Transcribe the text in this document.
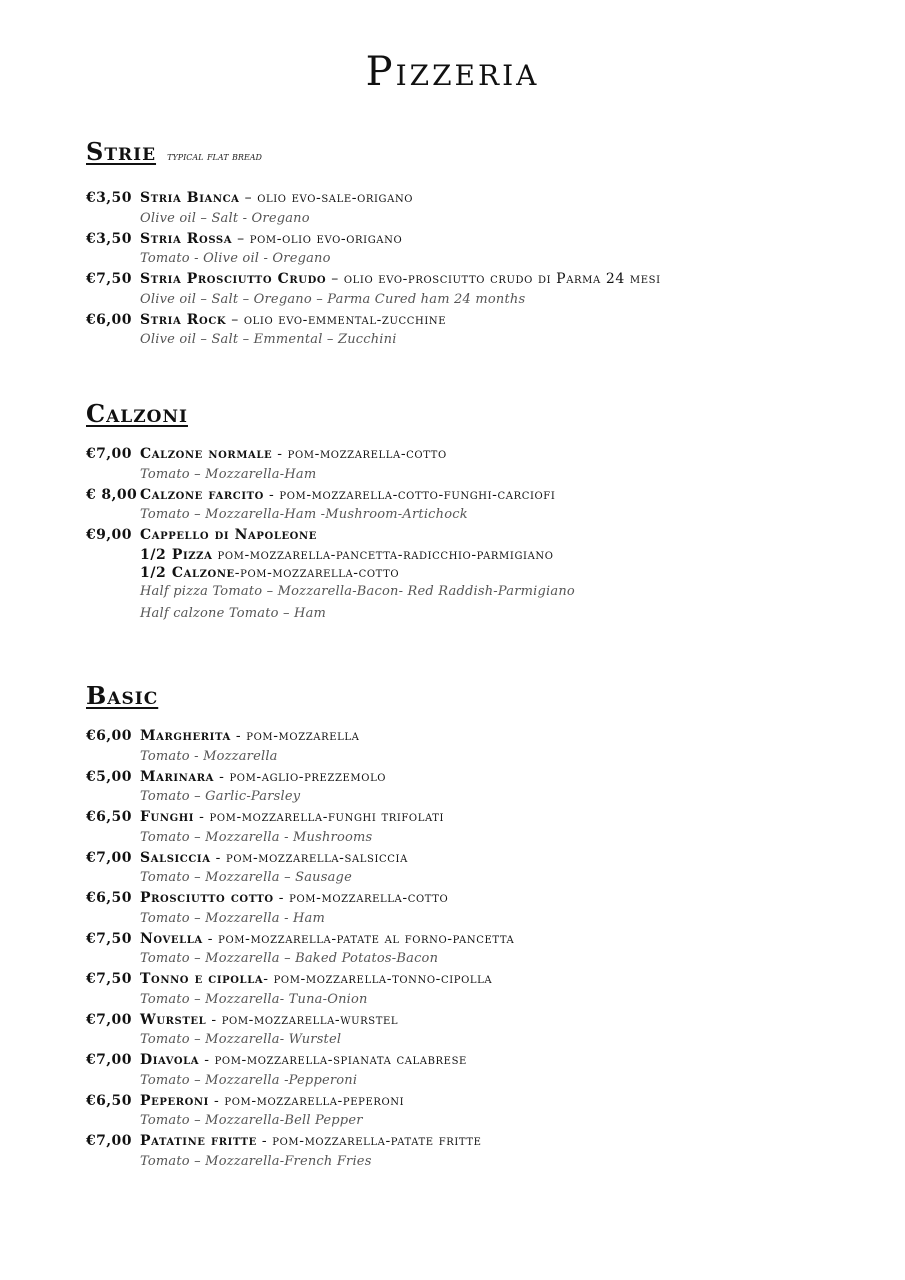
Pizzeria
Strie typical flat bread
€3,50 Stria Bianca – olio evo-sale-origano
Olive oil – Salt - Oregano
€3,50 Stria Rossa – pom-olio evo-origano
Tomato - Olive oil - Oregano
€7,50 Stria Prosciutto Crudo – olio evo-prosciutto crudo di Parma 24 mesi
Olive oil – Salt – Oregano – Parma Cured ham 24 months
€6,00 Stria Rock – olio evo-emmental-zucchine
Olive oil – Salt – Emmental – Zucchini
Calzoni
€7,00 Calzone normale - pom-mozzarella-cotto
Tomato – Mozzarella-Ham
€ 8,00 Calzone farcito - pom-mozzarella-cotto-funghi-carciofi
Tomato – Mozzarella-Ham -Mushroom-Artichock
€9,00 Cappello di Napoleone
1/2 Pizza pom-mozzarella-pancetta-radicchio-parmigiano
1/2 Calzone-pom-mozzarella-cotto
Half pizza Tomato – Mozzarella-Bacon- Red Raddish-Parmigiano
Half calzone Tomato – Ham
Basic
€6,00 Margherita - pom-mozzarella
Tomato - Mozzarella
€5,00 Marinara - pom-aglio-prezzemolo
Tomato – Garlic-Parsley
€6,50 Funghi - pom-mozzarella-funghi trifolati
Tomato – Mozzarella - Mushrooms
€7,00 Salsiccia - pom-mozzarella-salsiccia
Tomato – Mozzarella – Sausage
€6,50 Prosciutto cotto - pom-mozzarella-cotto
Tomato – Mozzarella - Ham
€7,50 Novella - pom-mozzarella-patate al forno-pancetta
Tomato – Mozzarella – Baked Potatos-Bacon
€7,50 Tonno e cipolla- pom-mozzarella-tonno-cipolla
Tomato – Mozzarella- Tuna-Onion
€7,00 Wurstel - pom-mozzarella-wurstel
Tomato – Mozzarella- Wurstel
€7,00 Diavola - pom-mozzarella-spianata calabrese
Tomato – Mozzarella -Pepperoni
€6,50 Peperoni - pom-mozzarella-peperoni
Tomato – Mozzarella-Bell Pepper
€7,00 Patatine fritte - pom-mozzarella-patate fritte
Tomato – Mozzarella-French Fries
